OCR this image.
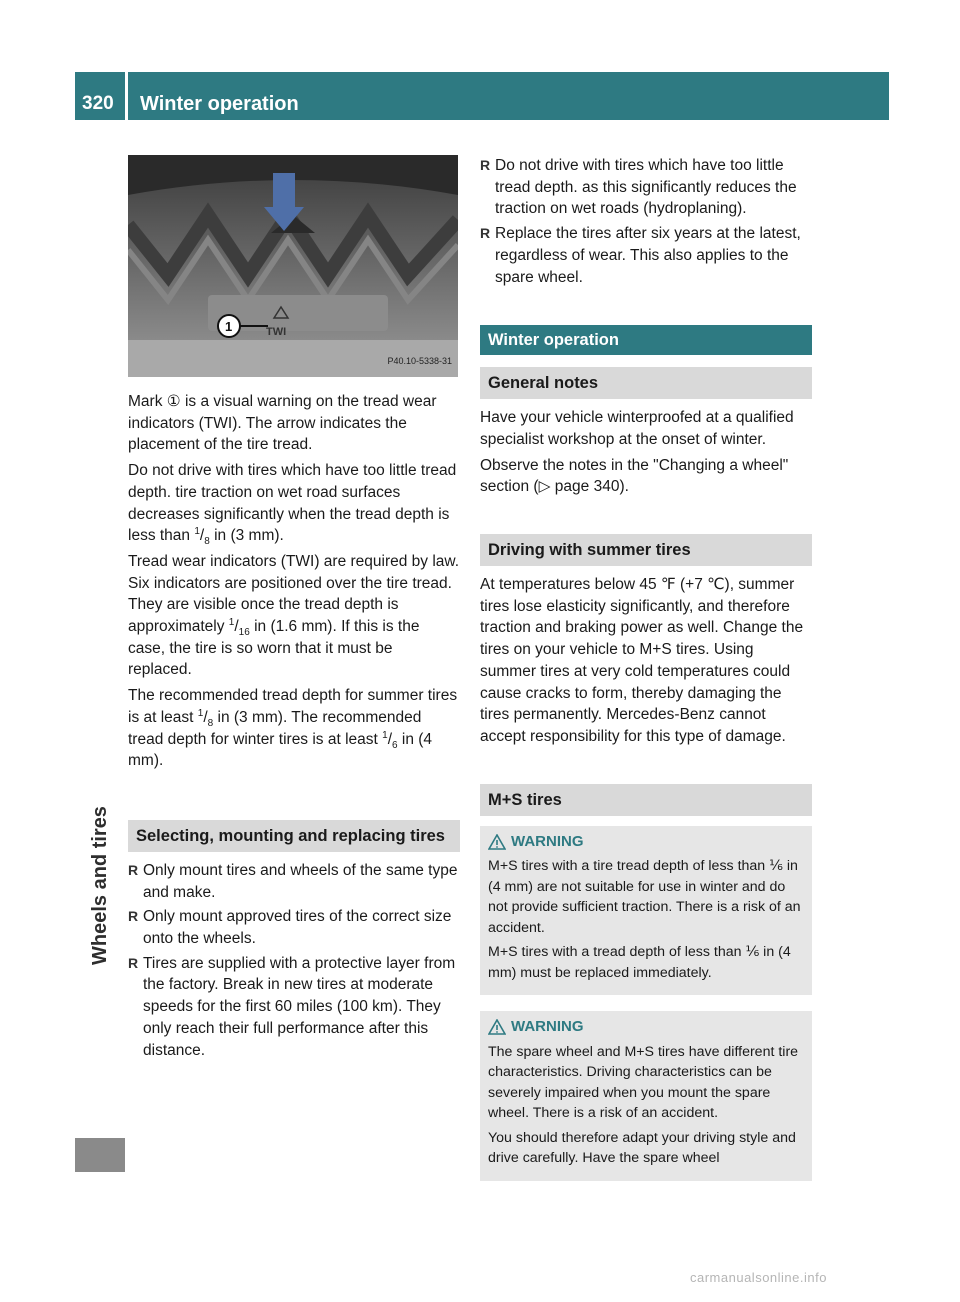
320 Winter operation
Wheels and tires
1	TWI
P40.10-5338-31

Mark ① is a visual warning on the tread wear indicators (TWI). The arrow indicates the placement of the tire tread.

Do not drive with tires which have too little tread depth. tire traction on wet road surfaces decreases significantly when the tread depth is less than $^1/_8$ in (3 mm).

Tread wear indicators (TWI) are required by law. Six indicators are positioned over the tire tread. They are visible once the tread depth is approximately $^1/_{16}$ in (1.6 mm). If this is the case, the tire is so worn that it must be replaced.

The recommended tread depth for summer tires is at least $^1/_8$ in (3 mm). The recommended tread depth for winter tires is at least $^1/_6$ in (4 mm).

Selecting, mounting and replacing tires
R Only mount tires and wheels of the same type and make.
R Only mount approved tires of the correct size onto the wheels.
R Tires are supplied with a protective layer from the factory. Break in new tires at moderate speeds for the first 60 miles (100 km). They only reach their full performance after this distance.
R Do not drive with tires which have too little tread depth. as this significantly reduces the traction on wet roads (hydroplaning).
R Replace the tires after six years at the latest, regardless of wear. This also applies to the spare wheel.
Winter operation
General notes

Have your vehicle winterproofed at a qualified specialist workshop at the onset of winter.

Observe the notes in the "Changing a wheel" section (▷ page 340).

Driving with summer tires

At temperatures below 45 ℉ (+7 ℃), summer tires lose elasticity significantly, and therefore traction and braking power as well. Change the tires on your vehicle to M+S tires. Using summer tires at very cold temperatures could cause cracks to form, thereby damaging the tires permanently. Mercedes-Benz cannot accept responsibility for this type of damage.

M+S tires
WARNING

M+S tires with a tire tread depth of less than ⅙ in (4 mm) are not suitable for use in winter and do not provide sufficient traction. There is a risk of an accident.

M+S tires with a tread depth of less than ⅙ in (4 mm) must be replaced immediately.

WARNING

The spare wheel and M+S tires have different tire characteristics. Driving characteristics can be severely impaired when you mount the spare wheel. There is a risk of an accident.

You should therefore adapt your driving style and drive carefully. Have the spare wheel

carmanualsonline.info
